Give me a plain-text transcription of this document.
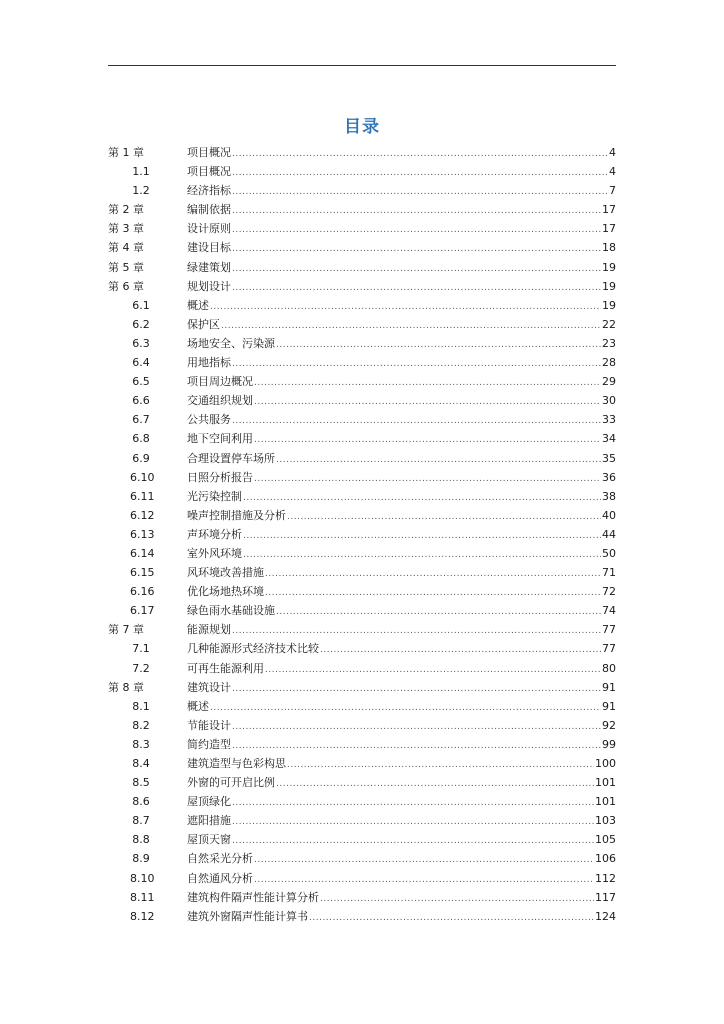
目录
第 1 章	项目概况 .....	4
1.1	项目概况 .....	4
1.2	经济指标 .....	7
第 2 章	编制依据 .....	17
第 3 章	设计原则 .....	17
第 4 章	建设目标 .....	18
第 5 章	绿建策划 .....	19
第 6 章	规划设计 .....	19
6.1	概述 .....	19
6.2	保护区 .....	22
6.3	场地安全、污染源 .....	23
6.4	用地指标 .....	28
6.5	项目周边概况 .....	29
6.6	交通组织规划 .....	30
6.7	公共服务 .....	33
6.8	地下空间利用 .....	34
6.9	合理设置停车场所 .....	35
6.10	日照分析报告 .....	36
6.11	光污染控制 .....	38
6.12	噪声控制措施及分析 .....	40
6.13	声环境分析 .....	44
6.14	室外风环境 .....	50
6.15	风环境改善措施 .....	71
6.16	优化场地热环境 .....	72
6.17	绿色雨水基础设施 .....	74
第 7 章	能源规划 .....	77
7.1	几种能源形式经济技术比较 .....	77
7.2	可再生能源利用 .....	80
第 8 章	建筑设计 .....	91
8.1	概述 .....	91
8.2	节能设计 .....	92
8.3	简约造型 .....	99
8.4	建筑造型与色彩构思 .....	100
8.5	外窗的可开启比例 .....	101
8.6	屋顶绿化 .....	101
8.7	遮阳措施 .....	103
8.8	屋顶天窗 .....	105
8.9	自然采光分析 .....	106
8.10	自然通风分析 .....	112
8.11	建筑构件隔声性能计算分析 .....	117
8.12	建筑外窗隔声性能计算书 .....	124
